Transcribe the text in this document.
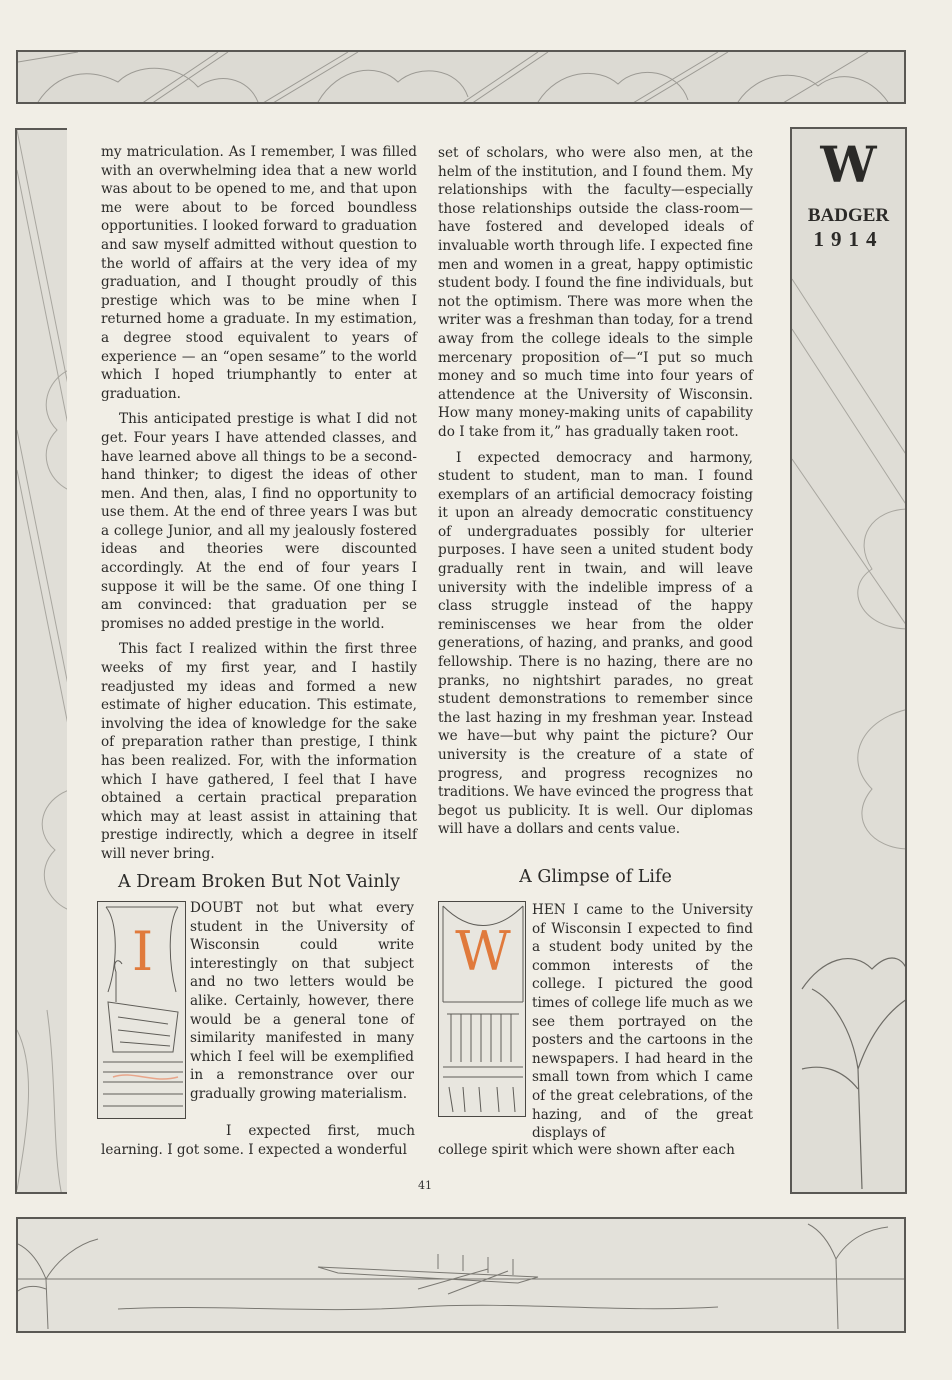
W
BADGER
1914

my matriculation. As I remember, I was filled with an overwhelming idea that a new world was about to be opened to me, and that upon me were about to be forced boundless opportunities. I looked forward to graduation and saw myself admitted without question to the world of affairs at the very idea of my graduation, and I thought proudly of this prestige which was to be mine when I returned home a graduate. In my estimation, a degree stood equivalent to years of experience — an “open sesame” to the world which I hoped triumphantly to enter at graduation.

This anticipated prestige is what I did not get. Four years I have attended classes, and have learned above all things to be a second-hand thinker; to digest the ideas of other men. And then, alas, I find no opportunity to use them. At the end of three years I was but a college Junior, and all my jealously fostered ideas and theories were discounted accordingly. At the end of four years I suppose it will be the same. Of one thing I am convinced: that graduation per se promises no added prestige in the world.

This fact I realized within the first three weeks of my first year, and I hastily readjusted my ideas and formed a new estimate of higher education. This estimate, involving the idea of knowledge for the sake of preparation rather than prestige, I think has been realized. For, with the information which I have gathered, I feel that I have obtained a certain practical preparation which may at least assist in attaining that prestige indirectly, which a degree in itself will never bring.

set of scholars, who were also men, at the helm of the institution, and I found them. My relationships with the faculty—especially those relationships outside the class-room—have fostered and developed ideals of invaluable worth through life. I expected fine men and women in a great, happy optimistic student body. I found the fine individuals, but not the optimism. There was more when the writer was a freshman than today, for a trend away from the college ideals to the simple mercenary proposition of—“I put so much money and so much time into four years of attendence at the University of Wisconsin. How many money-making units of capability do I take from it,” has gradually taken root.

I expected democracy and harmony, student to student, man to man. I found exemplars of an artificial democracy foisting it upon an already democratic constituency of undergraduates possibly for ulterier purposes. I have seen a united student body gradually rent in twain, and will leave university with the indelible impress of a class struggle instead of the happy reminiscenses we hear from the older generations, of hazing, and pranks, and good fellowship. There is no hazing, there are no pranks, no nightshirt parades, no great student demonstrations to remember since the last hazing in my freshman year. Instead we have—but why paint the picture? Our university is the creature of a state of progress, and progress recognizes no traditions. We have evinced the progress that begot us publicity. It is well. Our diplomas will have a dollars and cents value.

A Dream Broken But Not Vainly
I
DOUBT not but what every student in the University of Wisconsin could write interestingly on that subject and no two letters would be alike. Certainly, however, there would be a general tone of similarity manifested in many which I feel will be exemplified in a remonstrance over our gradually growing materialism.
I expected first, much learning. I got some. I expected a wonderful
A Glimpse of Life
W
HEN I came to the University of Wisconsin I expected to find a student body united by the common interests of the college. I pictured the good times of college life much as we see them portrayed on the posters and the cartoons in the newspapers. I had heard in the small town from which I came of the great celebrations, of the hazing, and of the great displays of
college spirit which were shown after each
41
